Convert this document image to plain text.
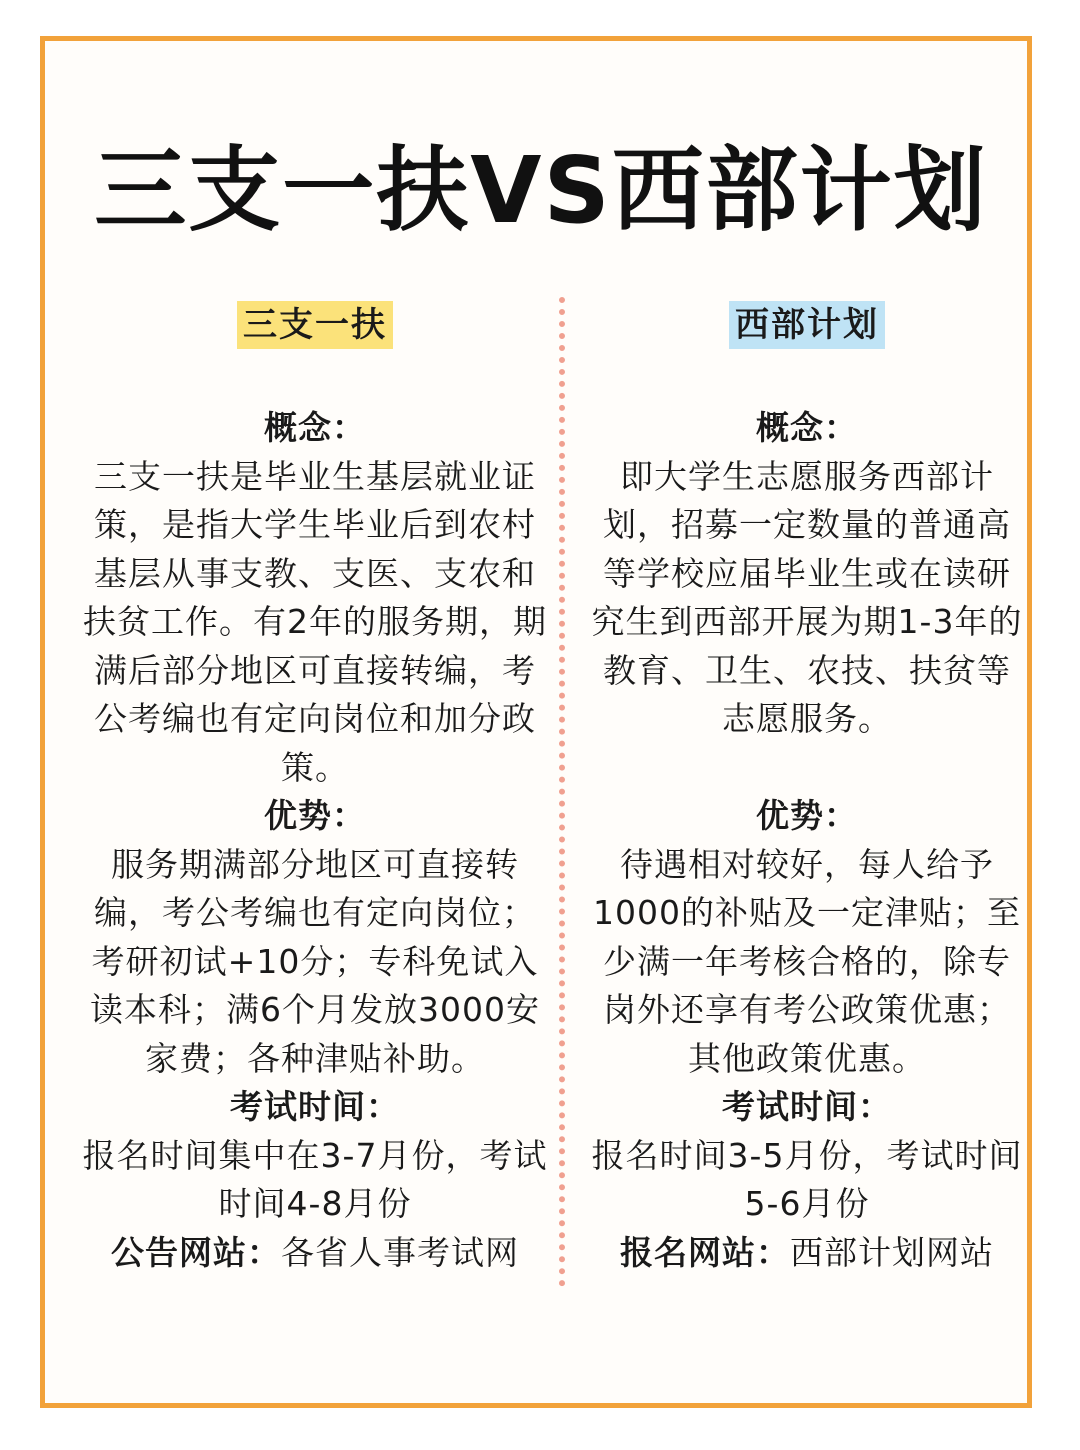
三支一扶VS西部计划
三支一扶
概念：

三支一扶是毕业生基层就业证策，是指大学生毕业后到农村基层从事支教、支医、支农和扶贫工作。有2年的服务期，期满后部分地区可直接转编，考公考编也有定向岗位和加分政策。

优势：

服务期满部分地区可直接转编，考公考编也有定向岗位；考研初试+10分；专科免试入读本科；满6个月发放3000安家费；各种津贴补助。

考试时间：

报名时间集中在3-7月份，考试时间4-8月份

公告网站：各省人事考试网

西部计划
概念：

即大学生志愿服务西部计划，招募一定数量的普通高等学校应届毕业生或在读研究生到西部开展为期1-3年的教育、卫生、农技、扶贫等志愿服务。

优势：

待遇相对较好，每人给予1000的补贴及一定津贴；至少满一年考核合格的，除专岗外还享有考公政策优惠；其他政策优惠。

考试时间：

报名时间3-5月份，考试时间5-6月份

报名网站：西部计划网站
